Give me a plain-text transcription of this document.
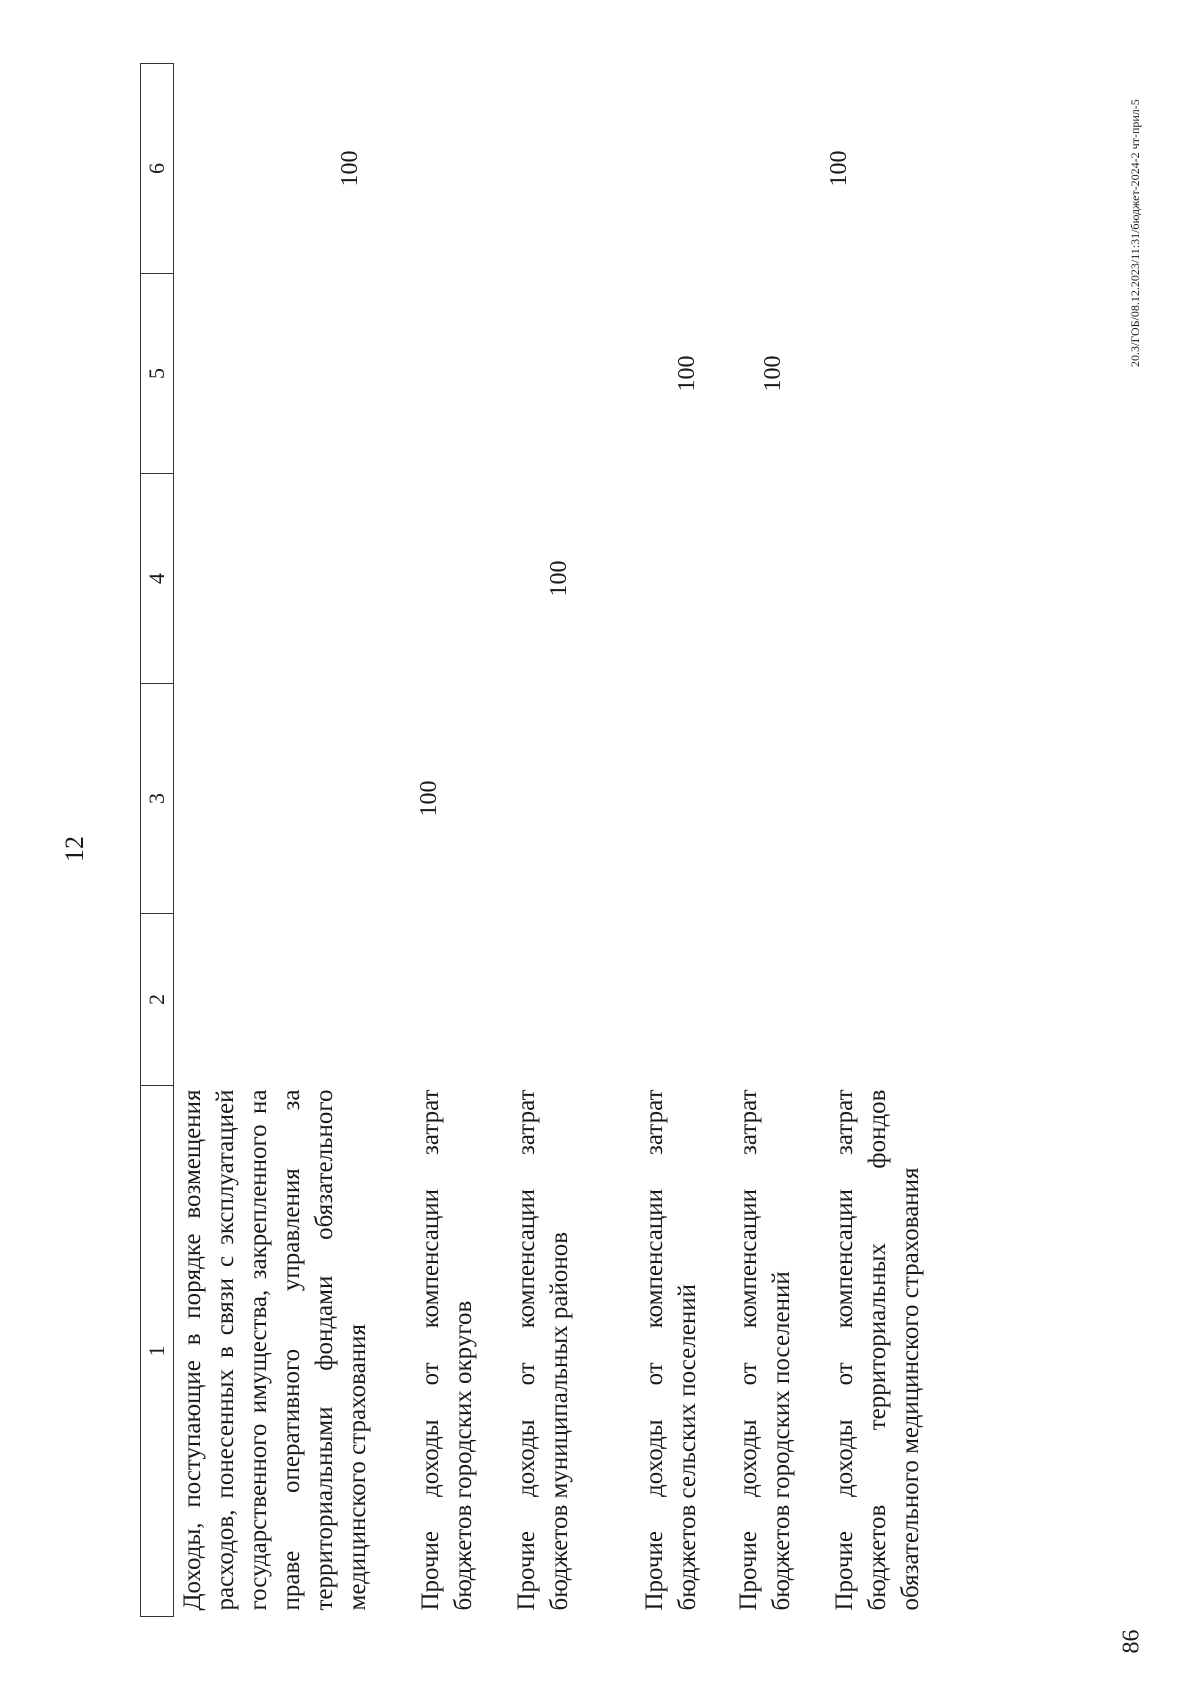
12
1	2	3	4	5	6

Доходы, поступающие в порядке возмещения расходов, понесенных в связи с эксплуатацией государственного имущества, закрепленного на праве оперативного управления за территориальными фондами обязательного медицинского страхования					100

Прочие доходы от компенсации затрат бюджетов городских округов		100			

Прочие доходы от компенсации затрат бюджетов муниципальных районов			100		

Прочие доходы от компенсации затрат бюджетов сельских поселений				100	

Прочие доходы от компенсации затрат бюджетов городских поселений				100	

Прочие доходы от компенсации затрат бюджетов территориальных фондов обязательного медицинского страхования					100	20.3/ГОБ/08.12.2023/11:31/бюджет-2024-2 чт-прил-5
86
